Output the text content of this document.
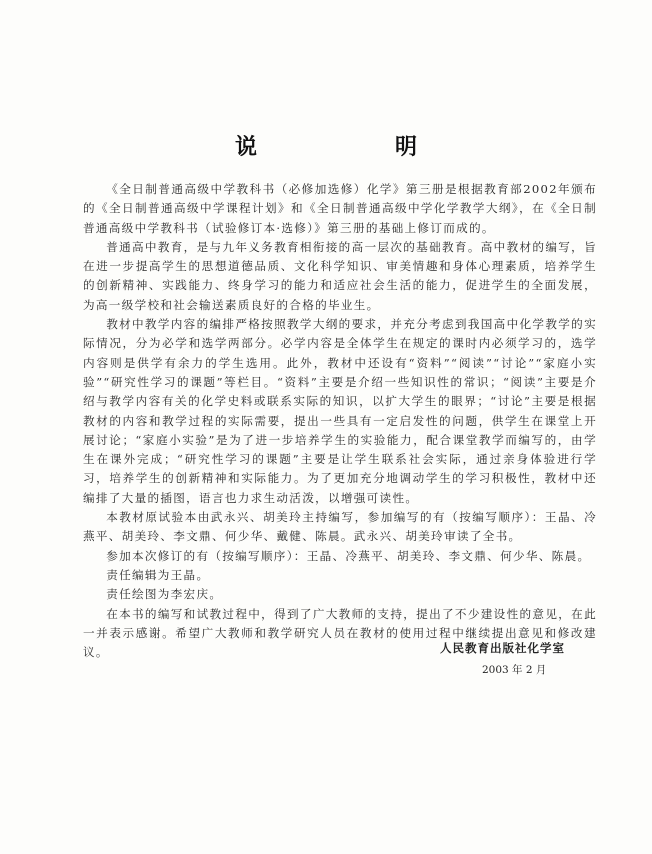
说　明

《全日制普通高级中学教科书（必修加选修）化学》第三册是根据教育部2002年颁布的《全日制普通高级中学课程计划》和《全日制普通高级中学化学教学大纲》，在《全日制普通高级中学教科书（试验修订本·选修）》第三册的基础上修订而成的。

普通高中教育，是与九年义务教育相衔接的高一层次的基础教育。高中教材的编写，旨在进一步提高学生的思想道德品质、文化科学知识、审美情趣和身体心理素质，培养学生的创新精神、实践能力、终身学习的能力和适应社会生活的能力，促进学生的全面发展，为高一级学校和社会输送素质良好的合格的毕业生。

教材中教学内容的编排严格按照教学大纲的要求，并充分考虑到我国高中化学教学的实际情况，分为必学和选学两部分。必学内容是全体学生在规定的课时内必须学习的，选学内容则是供学有余力的学生选用。此外，教材中还设有“资料”“阅读”“讨论”“家庭小实验”“研究性学习的课题”等栏目。“资料”主要是介绍一些知识性的常识；“阅读”主要是介绍与教学内容有关的化学史料或联系实际的知识，以扩大学生的眼界；“讨论”主要是根据教材的内容和教学过程的实际需要，提出一些具有一定启发性的问题，供学生在课堂上开展讨论；“家庭小实验”是为了进一步培养学生的实验能力，配合课堂教学而编写的，由学生在课外完成；“研究性学习的课题”主要是让学生联系社会实际，通过亲身体验进行学习，培养学生的创新精神和实际能力。为了更加充分地调动学生的学习积极性，教材中还编排了大量的插图，语言也力求生动活泼，以增强可读性。

本教材原试验本由武永兴、胡美玲主持编写，参加编写的有（按编写顺序）：王晶、冷燕平、胡美玲、李文鼎、何少华、戴健、陈晨。武永兴、胡美玲审读了全书。

参加本次修订的有（按编写顺序）：王晶、冷燕平、胡美玲、李文鼎、何少华、陈晨。

责任编辑为王晶。

责任绘图为李宏庆。

在本书的编写和试教过程中，得到了广大教师的支持，提出了不少建设性的意见，在此一并表示感谢。希望广大教师和教学研究人员在教材的使用过程中继续提出意见和修改建议。	人民教育出版社化学室
2003 年 2 月
